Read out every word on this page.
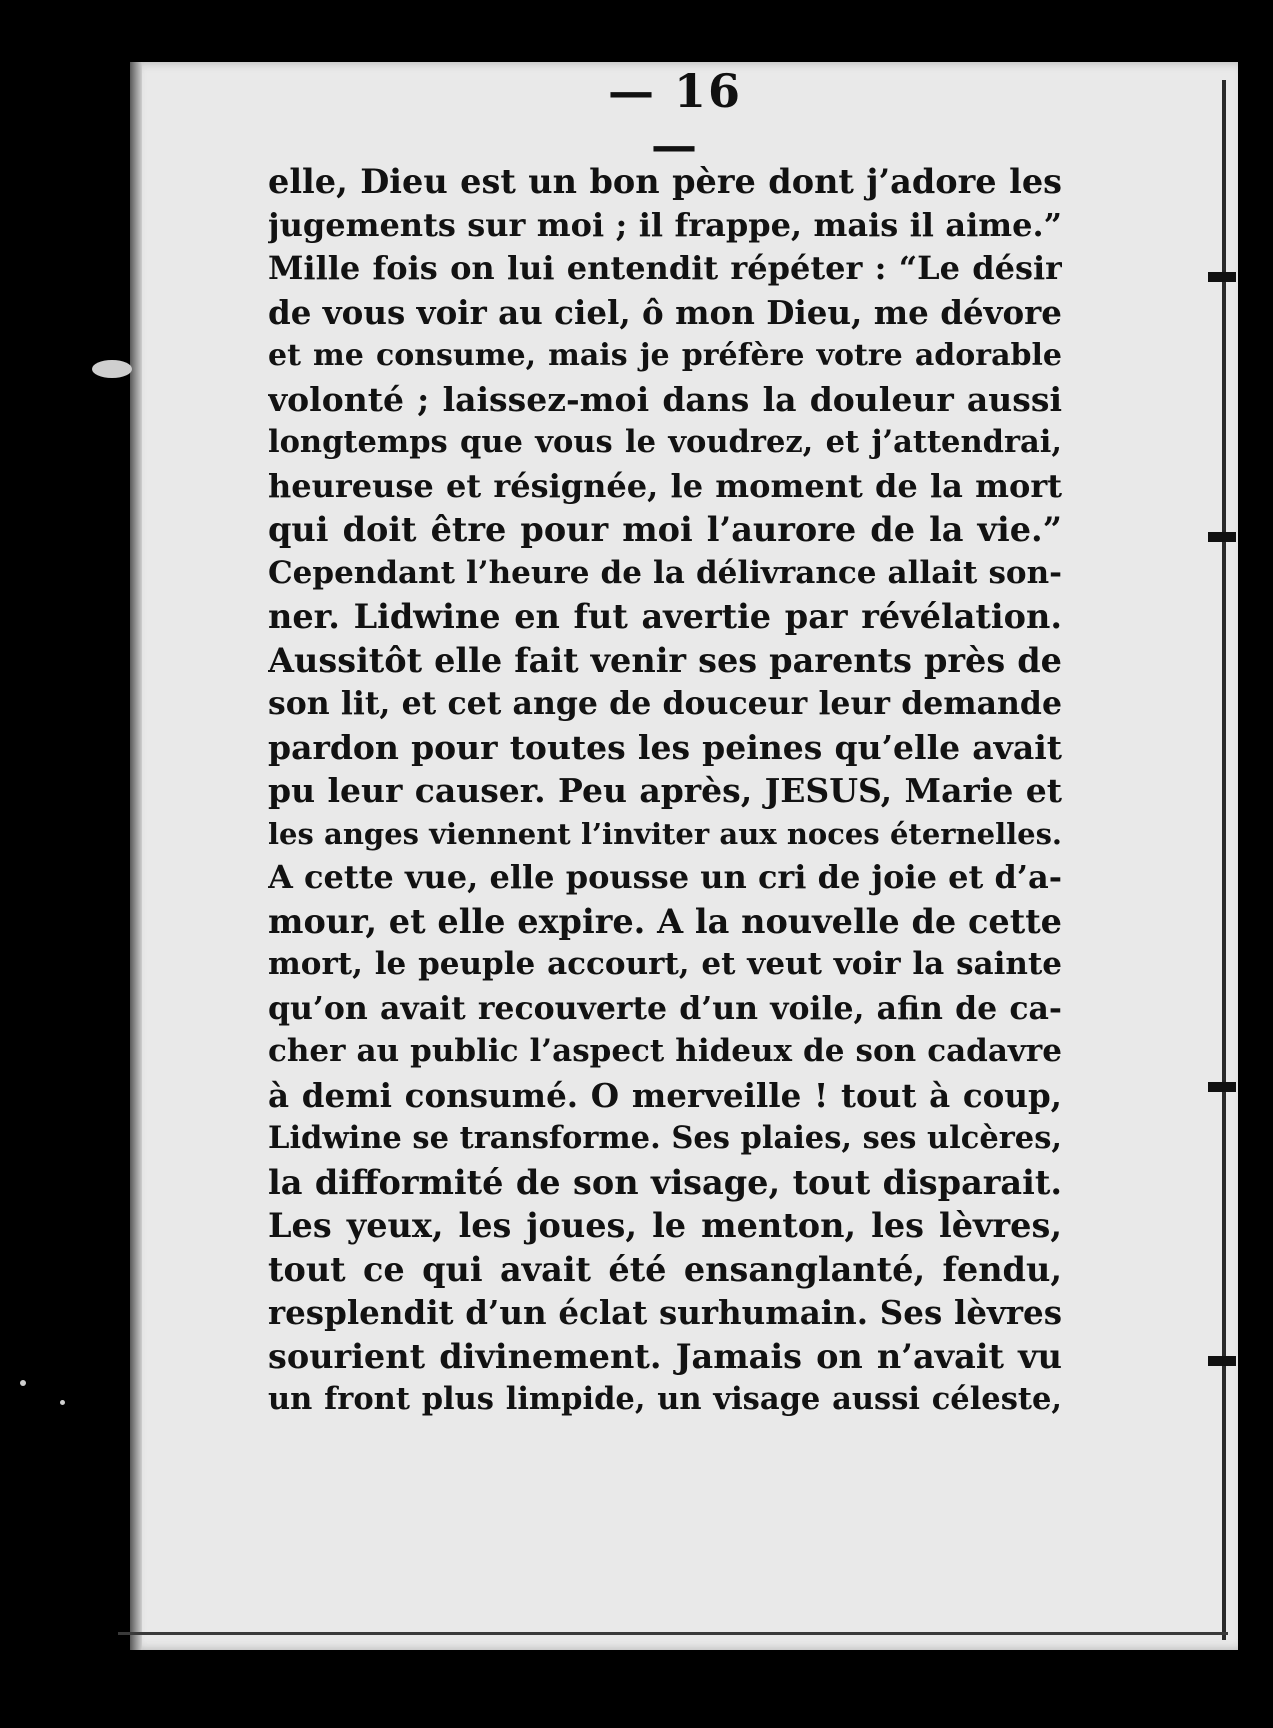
— 16 —
elle, Dieu est un bon père dont j’adore les
jugements sur moi ; il frappe, mais il aime.”
Mille fois on lui entendit répéter : “Le désir
de vous voir au ciel, ô mon Dieu, me dévore
et me consume, mais je préfère votre adorable
volonté ; laissez-moi dans la douleur aussi
longtemps que vous le voudrez, et j’attendrai,
heureuse et résignée, le moment de la mort
qui doit être pour moi l’aurore de la vie.”
Cependant l’heure de la délivrance allait son-
ner. Lidwine en fut avertie par révélation.
Aussitôt elle fait venir ses parents près de
son lit, et cet ange de douceur leur demande
pardon pour toutes les peines qu’elle avait
pu leur causer. Peu après, JESUS, Marie et
les anges viennent l’inviter aux noces éternelles.
A cette vue, elle pousse un cri de joie et d’a-
mour, et elle expire. A la nouvelle de cette
mort, le peuple accourt, et veut voir la sainte
qu’on avait recouverte d’un voile, afin de ca-
cher au public l’aspect hideux de son cadavre
à demi consumé. O merveille ! tout à coup,
Lidwine se transforme. Ses plaies, ses ulcères,
la difformité de son visage, tout disparait.
Les yeux, les joues, le menton, les lèvres,
tout ce qui avait été ensanglanté, fendu,
resplendit d’un éclat surhumain. Ses lèvres
sourient divinement. Jamais on n’avait vu
un front plus limpide, un visage aussi céleste,
